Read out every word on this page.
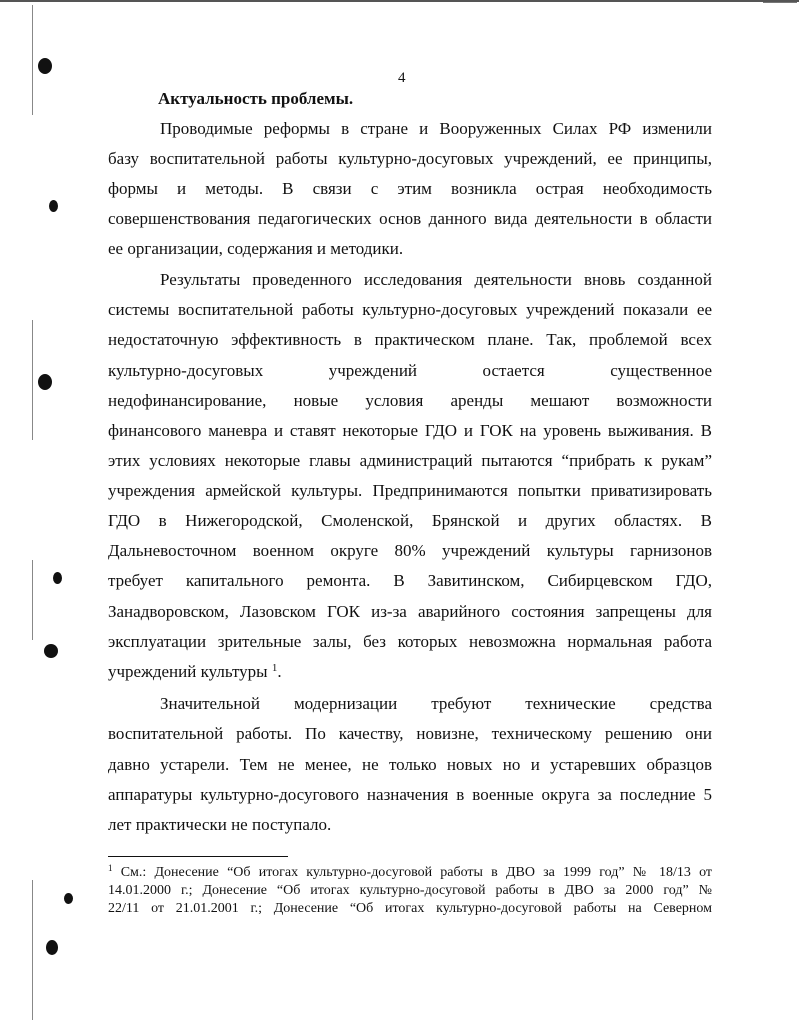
4
Актуальность проблемы.
Проводимые реформы в стране и Вооруженных Силах РФ изменили
базу воспитательной работы культурно-досуговых учреждений, ее принципы,
формы и методы. В связи с этим возникла острая необходимость
совершенствования педагогических основ данного вида деятельности в области
ее организации, содержания и методики.
Результаты проведенного исследования деятельности вновь созданной
системы воспитательной работы культурно-досуговых учреждений показали ее
недостаточную эффективность в практическом плане. Так, проблемой всех
культурно-досуговых учреждений остается существенное
недофинансирование, новые условия аренды мешают возможности
финансового маневра и ставят некоторые ГДО и ГОК на уровень выживания. В
этих условиях некоторые главы администраций пытаются “прибрать к рукам”
учреждения армейской культуры. Предпринимаются попытки приватизировать
ГДО в Нижегородской, Смоленской, Брянской и других областях. В
Дальневосточном военном округе 80% учреждений культуры гарнизонов
требует капитального ремонта. В Завитинском, Сибирцевском ГДО,
Занадворовском, Лазовском ГОК из-за аварийного состояния запрещены для
эксплуатации зрительные залы, без которых невозможна нормальная работа
учреждений культуры $^1$.
Значительной модернизации требуют технические средства
воспитательной работы. По качеству, новизне, техническому решению они
давно устарели. Тем не менее, не только новых но и устаревших образцов
аппаратуры культурно-досугового назначения в военные округа за последние 5
лет практически не поступало.
$^1$ См.: Донесение “Об итогах культурно-досуговой работы в ДВО за 1999 год” № 18/13 от
14.01.2000 г.; Донесение “Об итогах культурно-досуговой работы в ДВО за 2000 год” №
22/11 от 21.01.2001 г.; Донесение “Об итогах культурно-досуговой работы на Северном
